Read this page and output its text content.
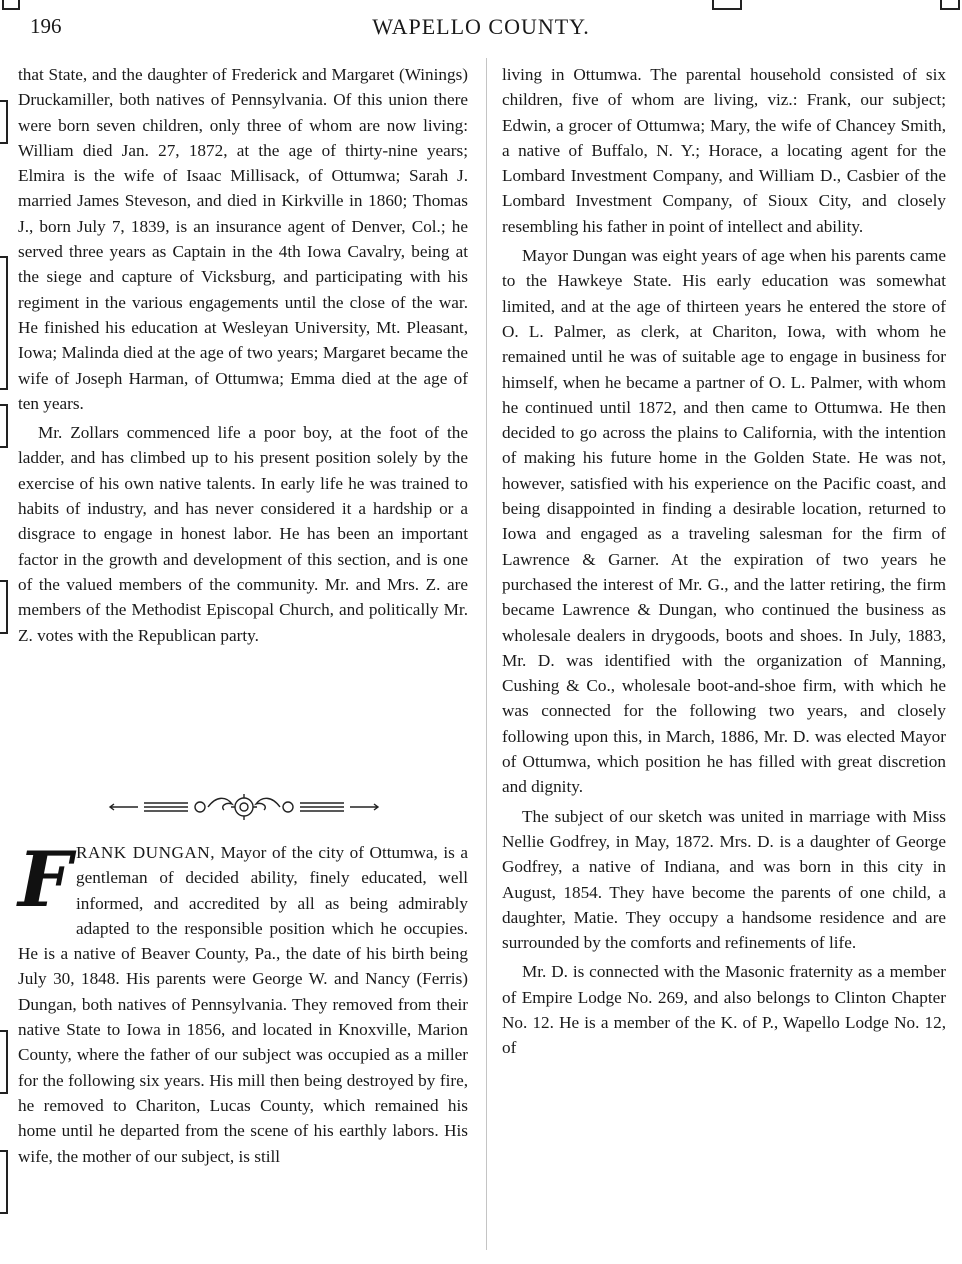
196	WAPELLO COUNTY.

that State, and the daughter of Frederick and Margaret (Winings) Druckamiller, both natives of Pennsylvania. Of this union there were born seven children, only three of whom are now living: William died Jan. 27, 1872, at the age of thirty-nine years; Elmira is the wife of Isaac Millisack, of Ottumwa; Sarah J. married James Steveson, and died in Kirkville in 1860; Thomas J., born July 7, 1839, is an insurance agent of Denver, Col.; he served three years as Captain in the 4th Iowa Cavalry, being at the siege and capture of Vicksburg, and participating with his regiment in the various engagements until the close of the war. He finished his education at Wesleyan University, Mt. Pleasant, Iowa; Malinda died at the age of two years; Margaret became the wife of Joseph Harman, of Ottumwa; Emma died at the age of ten years.

Mr. Zollars commenced life a poor boy, at the foot of the ladder, and has climbed up to his present position solely by the exercise of his own native talents. In early life he was trained to habits of industry, and has never considered it a hardship or a disgrace to engage in honest labor. He has been an important factor in the growth and development of this section, and is one of the valued members of the community. Mr. and Mrs. Z. are members of the Methodist Episcopal Church, and politically Mr. Z. votes with the Republican party.

F RANK DUNGAN, Mayor of the city of Ottumwa, is a gentleman of decided ability, finely educated, well informed, and accredited by all as being admirably adapted to the responsible position which he occupies. He is a native of Beaver County, Pa., the date of his birth being July 30, 1848. His parents were George W. and Nancy (Ferris) Dungan, both natives of Pennsylvania. They removed from their native State to Iowa in 1856, and located in Knoxville, Marion County, where the father of our subject was occupied as a miller for the following six years. His mill then being destroyed by fire, he removed to Chariton, Lucas County, which remained his home until he departed from the scene of his earthly labors. His wife, the mother of our subject, is still

living in Ottumwa. The parental household consisted of six children, five of whom are living, viz.: Frank, our subject; Edwin, a grocer of Ottumwa; Mary, the wife of Chancey Smith, a native of Buffalo, N. Y.; Horace, a locating agent for the Lombard Investment Company, and William D., Casbier of the Lombard Investment Company, of Sioux City, and closely resembling his father in point of intellect and ability.

Mayor Dungan was eight years of age when his parents came to the Hawkeye State. His early education was somewhat limited, and at the age of thirteen years he entered the store of O. L. Palmer, as clerk, at Chariton, Iowa, with whom he remained until he was of suitable age to engage in business for himself, when he became a partner of O. L. Palmer, with whom he continued until 1872, and then came to Ottumwa. He then decided to go across the plains to California, with the intention of making his future home in the Golden State. He was not, however, satisfied with his experience on the Pacific coast, and being disappointed in finding a desirable location, returned to Iowa and engaged as a traveling salesman for the firm of Lawrence & Garner. At the expiration of two years he purchased the interest of Mr. G., and the latter retiring, the firm became Lawrence & Dungan, who continued the business as wholesale dealers in drygoods, boots and shoes. In July, 1883, Mr. D. was identified with the organization of Manning, Cushing & Co., wholesale boot-and-shoe firm, with which he was connected for the following two years, and closely following upon this, in March, 1886, Mr. D. was elected Mayor of Ottumwa, which position he has filled with great discretion and dignity.

The subject of our sketch was united in marriage with Miss Nellie Godfrey, in May, 1872. Mrs. D. is a daughter of George Godfrey, a native of Indiana, and was born in this city in August, 1854. They have become the parents of one child, a daughter, Matie. They occupy a handsome residence and are surrounded by the comforts and refinements of life.

Mr. D. is connected with the Masonic fraternity as a member of Empire Lodge No. 269, and also belongs to Clinton Chapter No. 12. He is a member of the K. of P., Wapello Lodge No. 12, of
